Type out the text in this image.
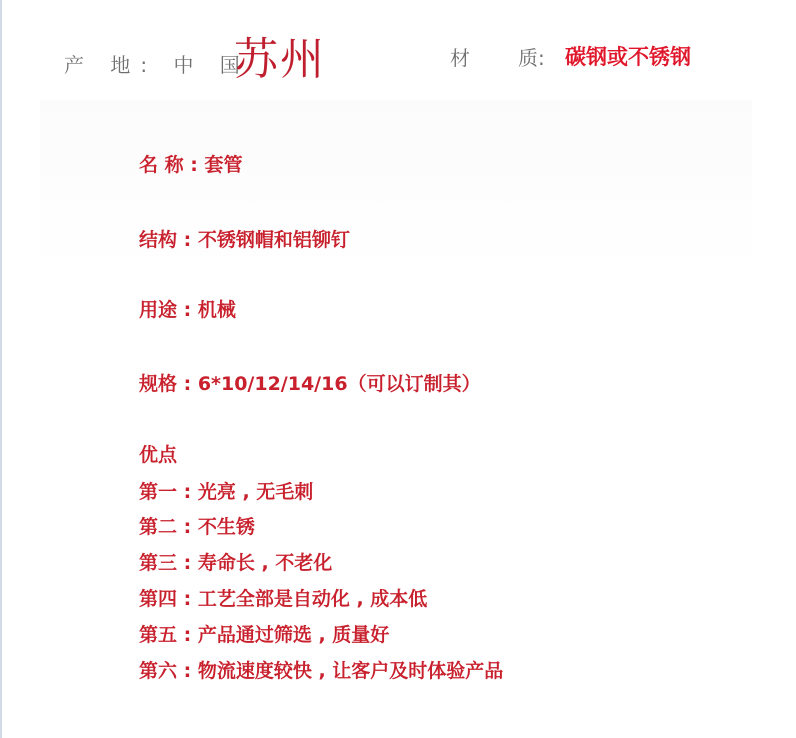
产 地: 中 国
苏州	材 质: 碳钢或不锈钢
名 称 : 套管
结构 : 不锈钢帽和铝铆钉
用途 : 机械
规格 : 6*10/12/14/16（可以订制其）
优点
第一 : 光亮 , 无毛刺
第二 : 不生锈
第三 : 寿命长 , 不老化
第四 : 工艺全部是自动化 , 成本低
第五 : 产品通过筛选 , 质量好
第六 : 物流速度较快 , 让客户及时体验产品
